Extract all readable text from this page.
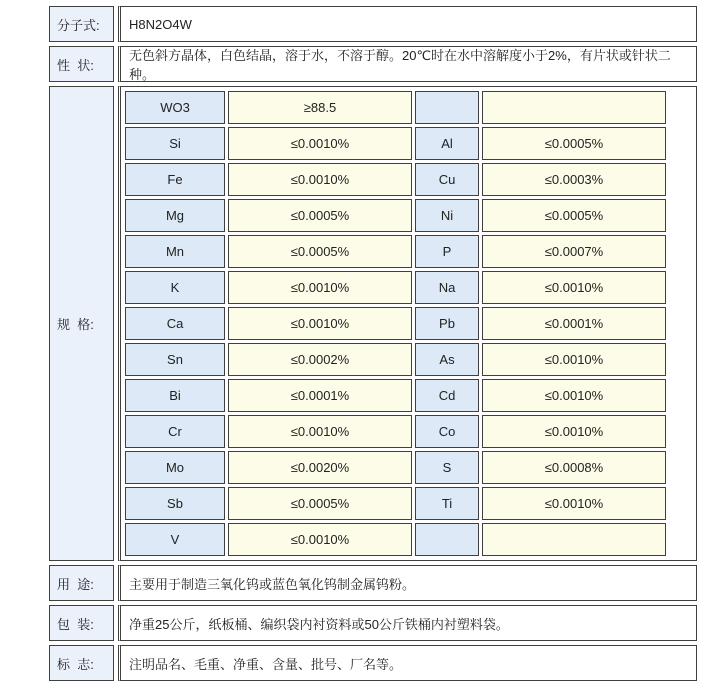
分子式:	H8N2O4W
性  状:
无色斜方晶体，白色结晶，溶于水，不溶于醇。20℃时在水中溶解度小于2%，有片状或针状二种。
规  格:
WO3	≥88.5		
Si	≤0.0010%	Al	≤0.0005%
Fe	≤0.0010%	Cu	≤0.0003%
Mg	≤0.0005%	Ni	≤0.0005%
Mn	≤0.0005%	P	≤0.0007%
K	≤0.0010%	Na	≤0.0010%
Ca	≤0.0010%	Pb	≤0.0001%
Sn	≤0.0002%	As	≤0.0010%
Bi	≤0.0001%	Cd	≤0.0010%
Cr	≤0.0010%	Co	≤0.0010%
Mo	≤0.0020%	S	≤0.0008%
Sb	≤0.0005%	Ti	≤0.0010%
V	≤0.0010%		
用  途:	主要用于制造三氧化钨或蓝色氧化钨制金属钨粉。
包  装:	净重25公斤，纸板桶、编织袋内衬资料或50公斤铁桶内衬塑料袋。
标  志:	注明品名、毛重、净重、含量、批号、厂名等。
